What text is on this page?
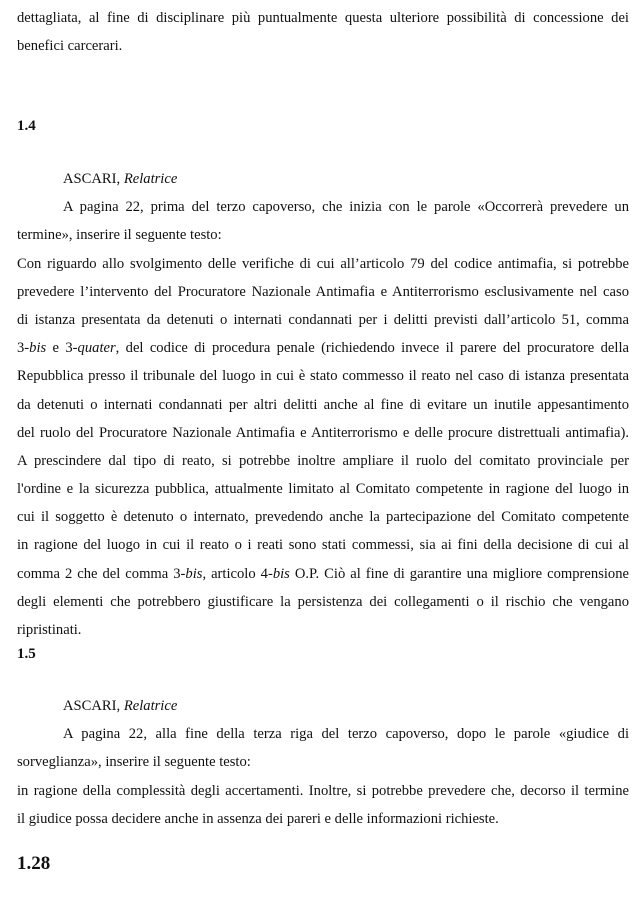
dettagliata, al fine di disciplinare più puntualmente questa ulteriore possibilità di concessione dei
benefici carcerari.
1.4
ASCARI, Relatrice
A pagina 22, prima del terzo capoverso, che inizia con le parole «Occorrerà prevedere un
termine», inserire il seguente testo:
Con riguardo allo svolgimento delle verifiche di cui all’articolo 79 del codice antimafia, si potrebbe
prevedere l’intervento del Procuratore Nazionale Antimafia e Antiterrorismo esclusivamente nel caso
di istanza presentata da detenuti o internati condannati per i delitti previsti dall’articolo 51, comma
3-bis e 3-quater, del codice di procedura penale (richiedendo invece il parere del procuratore della
Repubblica presso il tribunale del luogo in cui è stato commesso il reato nel caso di istanza presentata
da detenuti o internati condannati per altri delitti anche al fine di evitare un inutile appesantimento
del ruolo del Procuratore Nazionale Antimafia e Antiterrorismo e delle procure distrettuali antimafia).
A prescindere dal tipo di reato, si potrebbe inoltre ampliare il ruolo del comitato provinciale per
l'ordine e la sicurezza pubblica, attualmente limitato al Comitato competente in ragione del luogo in
cui il soggetto è detenuto o internato, prevedendo anche la partecipazione del Comitato competente
in ragione del luogo in cui il reato o i reati sono stati commessi, sia ai fini della decisione di cui al
comma 2 che del comma 3-bis, articolo 4-bis O.P. Ciò al fine di garantire una migliore comprensione
degli elementi che potrebbero giustificare la persistenza dei collegamenti o il rischio che vengano
ripristinati.
1.5
ASCARI, Relatrice
A pagina 22, alla fine della terza riga del terzo capoverso, dopo le parole «giudice di
sorveglianza», inserire il seguente testo:
in ragione della complessità degli accertamenti. Inoltre, si potrebbe prevedere che, decorso il termine
il giudice possa decidere anche in assenza dei pareri e delle informazioni richieste.
1.28
